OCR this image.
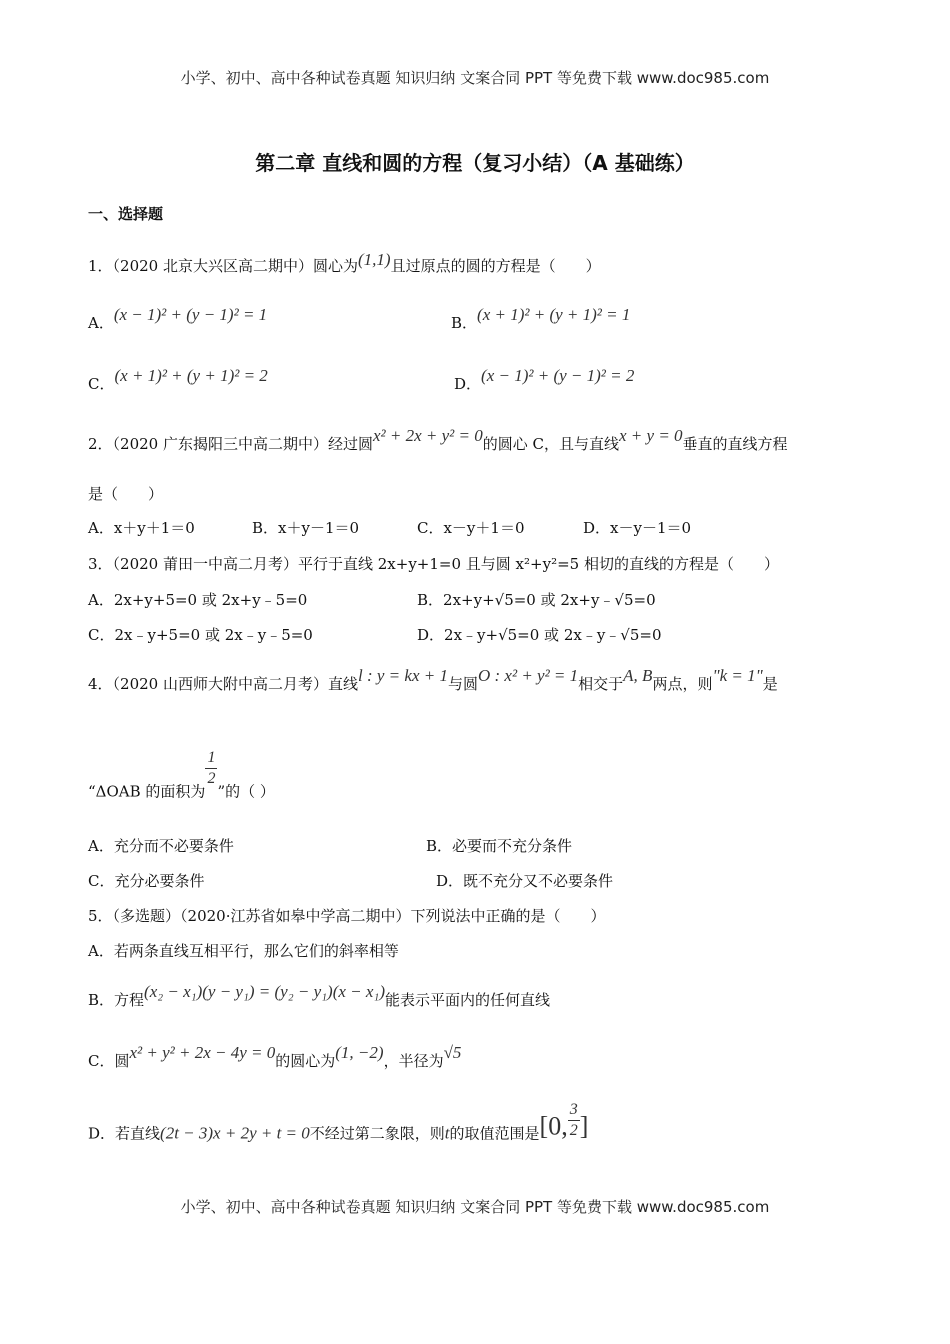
小学、初中、高中各种试卷真题 知识归纳 文案合同 PPT 等免费下载 www.doc985.com
第二章 直线和圆的方程（复习小结）（A 基础练）
一、选择题
1．（2020 北京大兴区高二期中）圆心为(1,1)且过原点的圆的方程是（　　）
A．(x − 1)² + (y − 1)² = 1	B．(x + 1)² + (y + 1)² = 1
C．(x + 1)² + (y + 1)² = 2	D．(x − 1)² + (y − 1)² = 2
2．（2020 广东揭阳三中高二期中）经过圆x² + 2x + y² = 0的圆心 C，且与直线x + y = 0垂直的直线方程
是（　　）
A．x＋y＋1＝0	B．x＋y－1＝0	C．x－y＋1＝0	D．x－y－1＝0
3．（2020 莆田一中高二月考）平行于直线 2x+y+1=0 且与圆 x²+y²=5 相切的直线的方程是（　　）
A．2x+y+5=0 或 2x+y﹣5=0	B．2x+y+√5=0 或 2x+y﹣√5=0
C．2x﹣y+5=0 或 2x﹣y﹣5=0	D．2x﹣y+√5=0 或 2x﹣y﹣√5=0
4．（2020 山西师大附中高二月考）直线l : y = kx + 1与圆O : x² + y² = 1相交于A, B两点，则"k = 1"是
“ΔOAB 的面积为
$\frac{1}{2}$
”的（ ）
A．充分而不必要条件	B．必要而不充分条件
C．充分必要条件	D．既不充分又不必要条件
5．（多选题）（2020·江苏省如皋中学高二期中）下列说法中正确的是（　　）
A．若两条直线互相平行，那么它们的斜率相等
B．方程(x₂ − x₁)(y − y₁) = (y₂ − y₁)(x − x₁)能表示平面内的任何直线
C．圆x² + y² + 2x − 4y = 0的圆心为(1, −2)，半径为√5
D．若直线(2t − 3)x + 2y + t = 0不经过第二象限，则t的取值范围是[0, $\frac{3}{2}$ ]
小学、初中、高中各种试卷真题 知识归纳 文案合同 PPT 等免费下载 www.doc985.com
